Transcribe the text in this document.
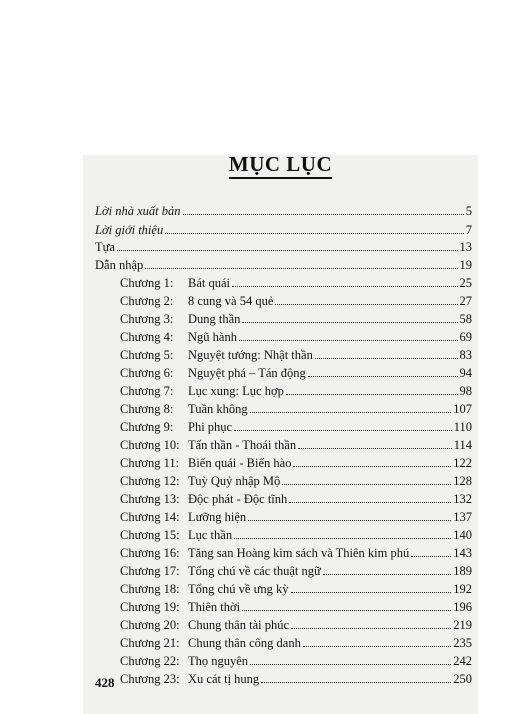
MỤC LỤC
Lời nhà xuất bản	5
Lời giới thiệu	7
Tựa	13
Dẫn nhập	19
Chương 1:	Bát quái	25
Chương 2:	8 cung và 54 quẻ	27
Chương 3:	Dung thần	58
Chương 4:	Ngũ hành	69
Chương 5:	Nguyệt tướng: Nhật thần	83
Chương 6:	Nguyệt phá – Tán động	94
Chương 7:	Lục xung: Lục hợp	98
Chương 8:	Tuần không	107
Chương 9:	Phi phục	110
Chương 10: Tấn thần - Thoái thần	114
Chương 11: Biến quái - Biến hào	122
Chương 12: Tuỳ Quỷ nhập Mộ	128
Chương 13: Độc phát - Độc tĩnh	132
Chương 14: Lưỡng hiện	137
Chương 15: Lục thần	140
Chương 16: Tăng san Hoàng kim sách và Thiên kim phú	143
Chương 17: Tổng chú về các thuật ngữ	189
Chương 18: Tổng chú về ưng kỳ	192
Chương 19: Thiên thời	196
Chương 20: Chung thân tài phúc	219
Chương 21: Chung thân công danh	235
Chương 22: Thọ nguyên	242
Chương 23: Xu cát tị hung	250
428
